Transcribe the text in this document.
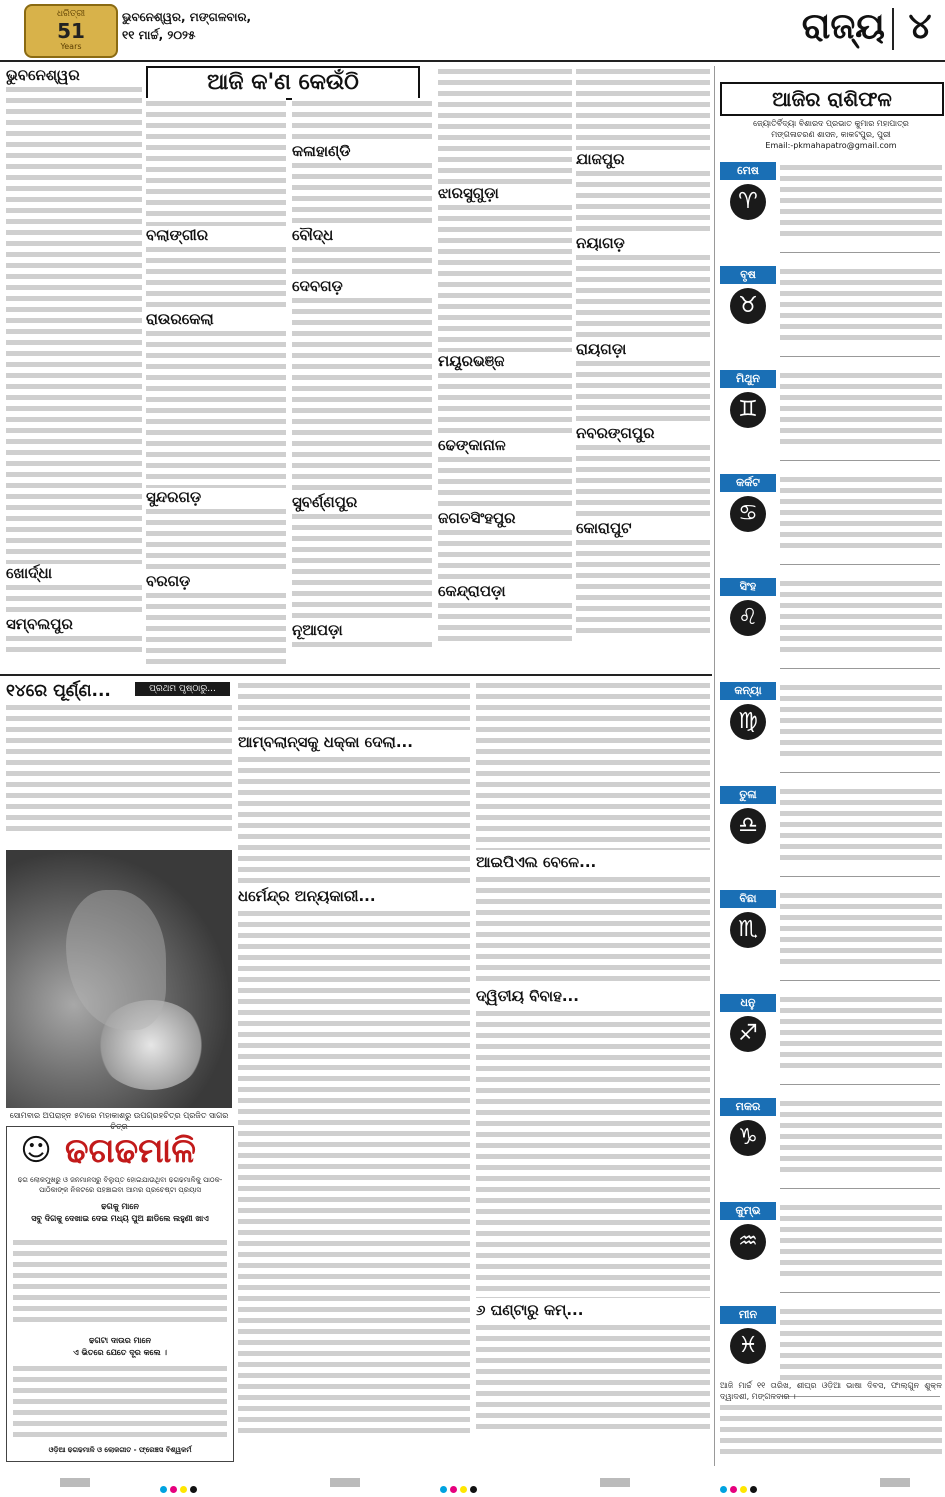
ଧରିତ୍ରୀ
51
Years
ଭୁବନେଶ୍ୱର, ମଙ୍ଗଳବାର,
୧୧ ମାର୍ଚ୍ଚ, ୨୦୨୫	ରାଜ୍ୟ ୪
ଆଜି କ'ଣ କେଉଁଠି
ଭୁବନେଶ୍ୱର
ଖୋର୍ଦ୍ଧା
ସମ୍ବଲପୁର
ବଲାଙ୍ଗୀର
ରାଉରକେଲା
ସୁନ୍ଦରଗଡ଼
ବରଗଡ଼
କଳାହାଣ୍ଡି
ବୌଦ୍ଧ
ଦେବଗଡ଼
ସୁବର୍ଣ୍ଣପୁର
ନୂଆପଡ଼ା
ଝାରସୁଗୁଡ଼ା
ମୟୂରଭଞ୍ଜ
ଢେଙ୍କାନାଳ
ଜଗତସିଂହପୁର
କେନ୍ଦ୍ରାପଡ଼ା
ଯାଜପୁର
ନୟାଗଡ଼
ରାୟଗଡ଼ା
ନବରଙ୍ଗପୁର
କୋରାପୁଟ
ଆଜିର ରାଶିଫଳ
ଜ୍ୟୋତିର୍ବିଦ୍ୟା ବିଶାରଦ ପ୍ରଭାତ କୁମାର ମହାପାତ୍ର
ମଙ୍ଗଳାଚରଣ ଶାସନ, କାକଟପୁର, ପୁରୀ
Email:-pkmahapatro@gmail.com
ମେଷ
♈
ବୃଷ
♉
ମିଥୁନ
♊
କର୍କଟ
♋
ସିଂହ
♌
କନ୍ୟା
♍
ତୁଳା
♎
ବିଛା
♏
ଧନୁ
♐
ମକର
♑
କୁମ୍ଭ
♒
ମୀନ
♓
ଆଜି ମାର୍ଚ୍ଚ ୧୧ ତାରିଖ, ଶୀଘ୍ର ଓଡ଼ିଆ ଭାଷା ଦିବସ, ଫାଲ୍ଗୁନ ଶୁକ୍ଳ ଦ୍ୱାଦଶୀ, ମଙ୍ଗଳବାର ।
୧୪ରେ ପୂର୍ଣ୍ଣ...	ପ୍ରଥମ ପୃଷ୍ଠାରୁ...
ସୋମବାର ଅପରାହ୍ନ ୫ଟାରେ ମହାକାଶରୁ ଉପଗ୍ରହଚିତ୍ର ପ୍ରଜିତ ସାଗର ଚିତ୍ର
☺ ଢଗଢମାଳି
ଢଗ ଲୋକମୁଖରୁ ଓ ଜନମାନସରୁ ବିଲୁପ୍ତ ହୋଇଯାଉଥିବା ଢଗଢମାଳିକୁ ପାଠକ-ପାଠିକାଙ୍କ ନିକଟରେ ପହଞ୍ଚାଇବା ଆମର ପ୍ରଚେଷ୍ଟା ପ୍ରୟାସ
ଢଗକୁ ମାନେ
ସବୁ ଦିଗକୁ ଦେଖାଇ ଦେଇ ମଧ୍ୟ ପୁଅ ଛାଡିଲେ ଲହୁଣୀ ଖାଏ
ଢଗଟା ଦାଉର ମାନେ
ଏ ଭିତରେ ଯେତେ ଦୂର କଲେ ।
ଓଡ଼ିଆ ଢଗଢମାଳି ଓ ଲୋକଗୀତ - ଫ୍ରେଞ୍ଚସ ବିଶ୍ୱକର୍ମ
ଆମ୍ବଲାନ୍ସକୁ ଧକ୍କା ଦେଲା...
ଧର୍ମେନ୍ଦ୍ର ଅନ୍ୟକାରୀ...
ଆଇପିଏଲ ବେଳେ...
ଦ୍ୱିତୀୟ ବିବାହ...
୬ ଘଣ୍ଟାରୁ କମ୍...
